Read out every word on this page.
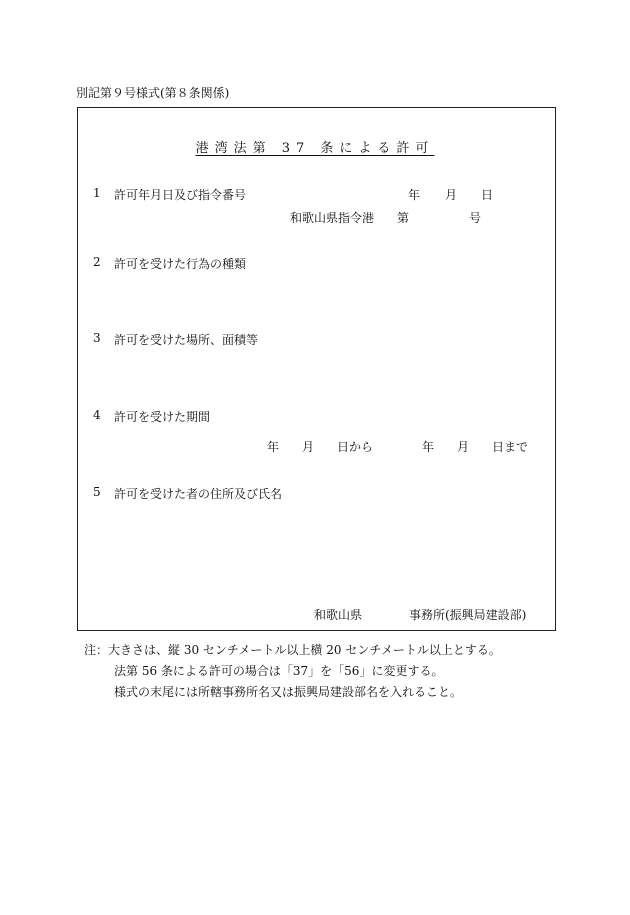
別記第９号様式(第８条関係)
港湾法第 37 条による許可
1 許可年月日及び指令番号	年 月 日
和歌山県指令港 第	号
2 許可を受けた行為の種類
3 許可を受けた場所、面積等
4 許可を受けた期間
年 月 日から	年 月 日まで
5 許可を受けた者の住所及び氏名
和歌山県	事務所(振興局建設部)
注：大きさは、縦 30 センチメートル以上横 20 センチメートル以上とする。
法第 56 条による許可の場合は「37」を「56」に変更する。
様式の末尾には所轄事務所名又は振興局建設部名を入れること。
